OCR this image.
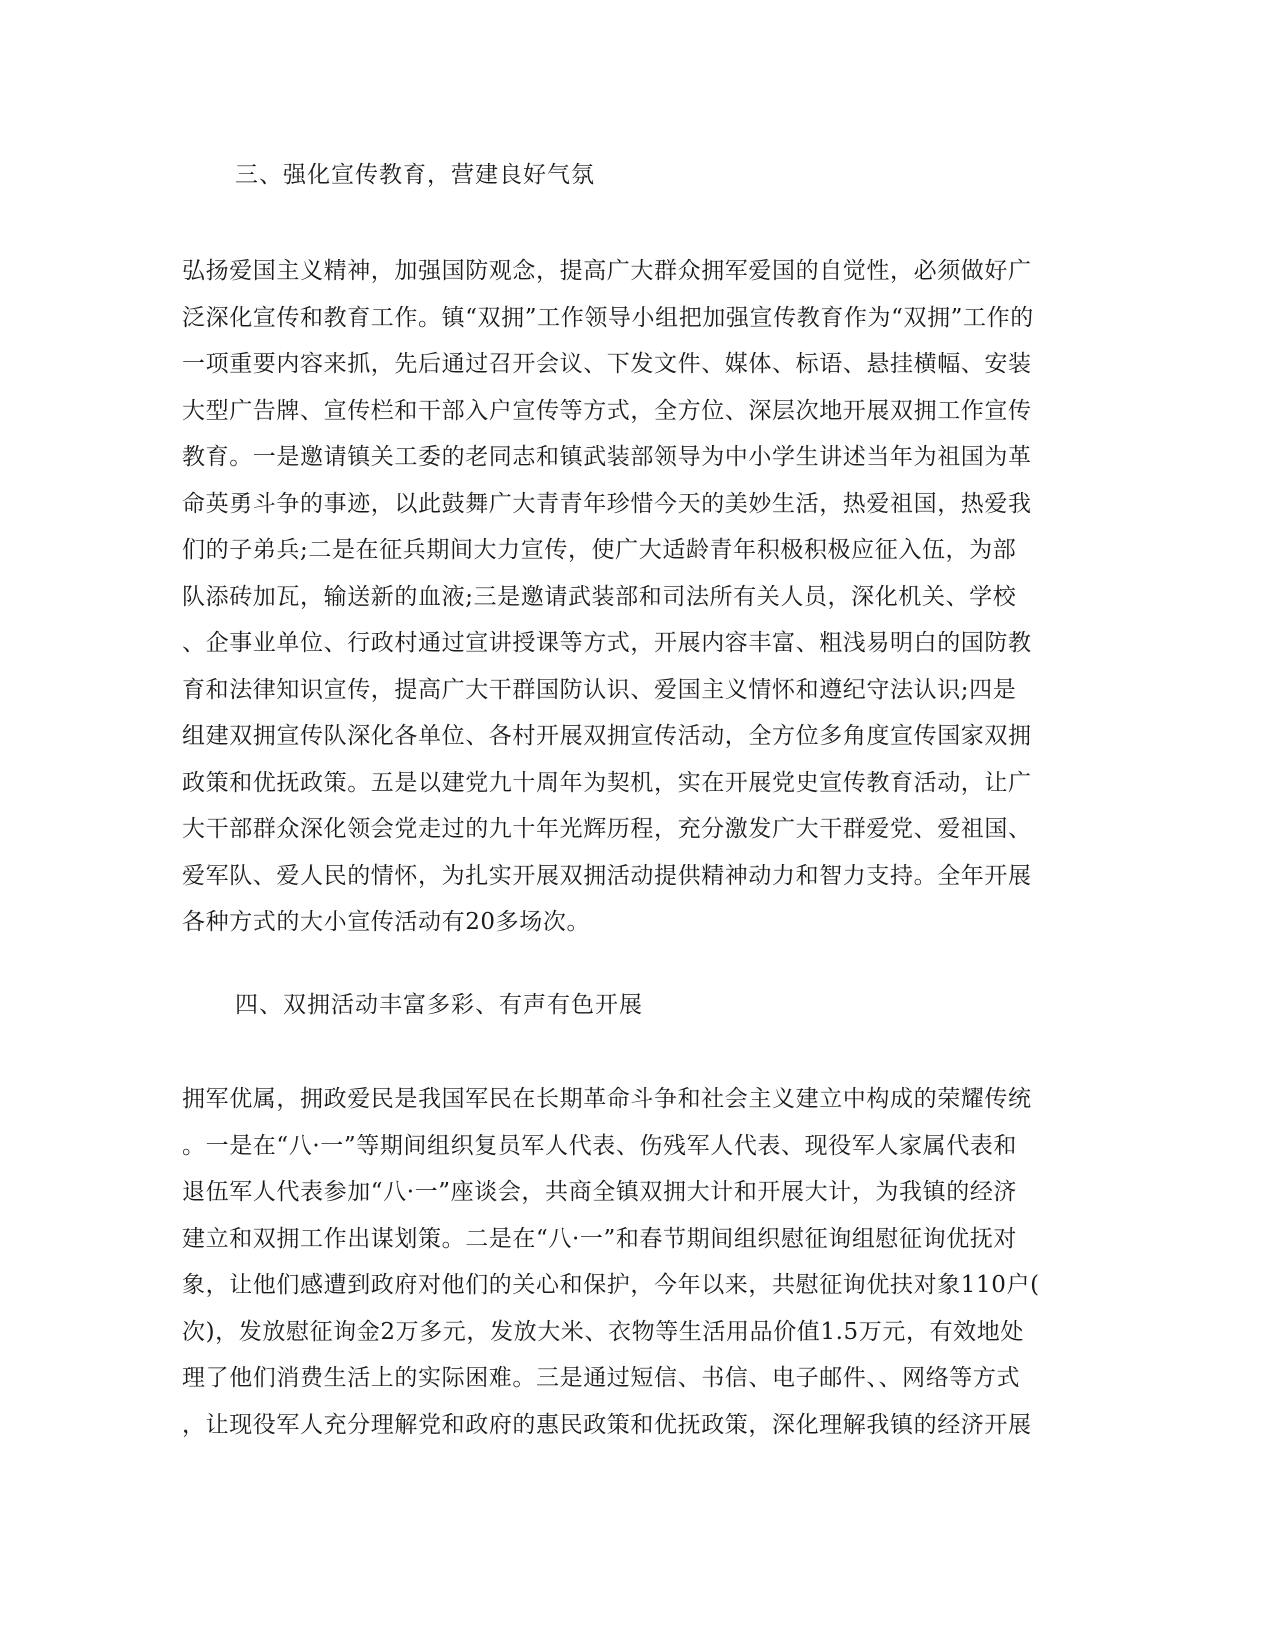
三、强化宣传教育，营建良好气氛
弘扬爱国主义精神，加强国防观念，提高广大群众拥军爱国的自觉性，必须做好广
泛深化宣传和教育工作。镇“双拥”工作领导小组把加强宣传教育作为“双拥”工作的
一项重要内容来抓，先后通过召开会议、下发文件、媒体、标语、悬挂横幅、安装
大型广告牌、宣传栏和干部入户宣传等方式，全方位、深层次地开展双拥工作宣传
教育。一是邀请镇关工委的老同志和镇武装部领导为中小学生讲述当年为祖国为革
命英勇斗争的事迹，以此鼓舞广大青青年珍惜今天的美妙生活，热爱祖国，热爱我
们的子弟兵;二是在征兵期间大力宣传，使广大适龄青年积极积极应征入伍，为部
队添砖加瓦，输送新的血液;三是邀请武装部和司法所有关人员，深化机关、学校
、企事业单位、行政村通过宣讲授课等方式，开展内容丰富、粗浅易明白的国防教
育和法律知识宣传，提高广大干群国防认识、爱国主义情怀和遵纪守法认识;四是
组建双拥宣传队深化各单位、各村开展双拥宣传活动，全方位多角度宣传国家双拥
政策和优抚政策。五是以建党九十周年为契机，实在开展党史宣传教育活动，让广
大干部群众深化领会党走过的九十年光辉历程，充分激发广大干群爱党、爱祖国、
爱军队、爱人民的情怀，为扎实开展双拥活动提供精神动力和智力支持。全年开展
各种方式的大小宣传活动有20多场次。
四、双拥活动丰富多彩、有声有色开展
拥军优属，拥政爱民是我国军民在长期革命斗争和社会主义建立中构成的荣耀传统
。一是在“八·一”等期间组织复员军人代表、伤残军人代表、现役军人家属代表和
退伍军人代表参加“八·一”座谈会，共商全镇双拥大计和开展大计，为我镇的经济
建立和双拥工作出谋划策。二是在“八·一”和春节期间组织慰征询组慰征询优抚对
象，让他们感遭到政府对他们的关心和保护，今年以来，共慰征询优扶对象110户(
次)，发放慰征询金2万多元，发放大米、衣物等生活用品价值1.5万元，有效地处
理了他们消费生活上的实际困难。三是通过短信、书信、电子邮件、、网络等方式
，让现役军人充分理解党和政府的惠民政策和优抚政策，深化理解我镇的经济开展
